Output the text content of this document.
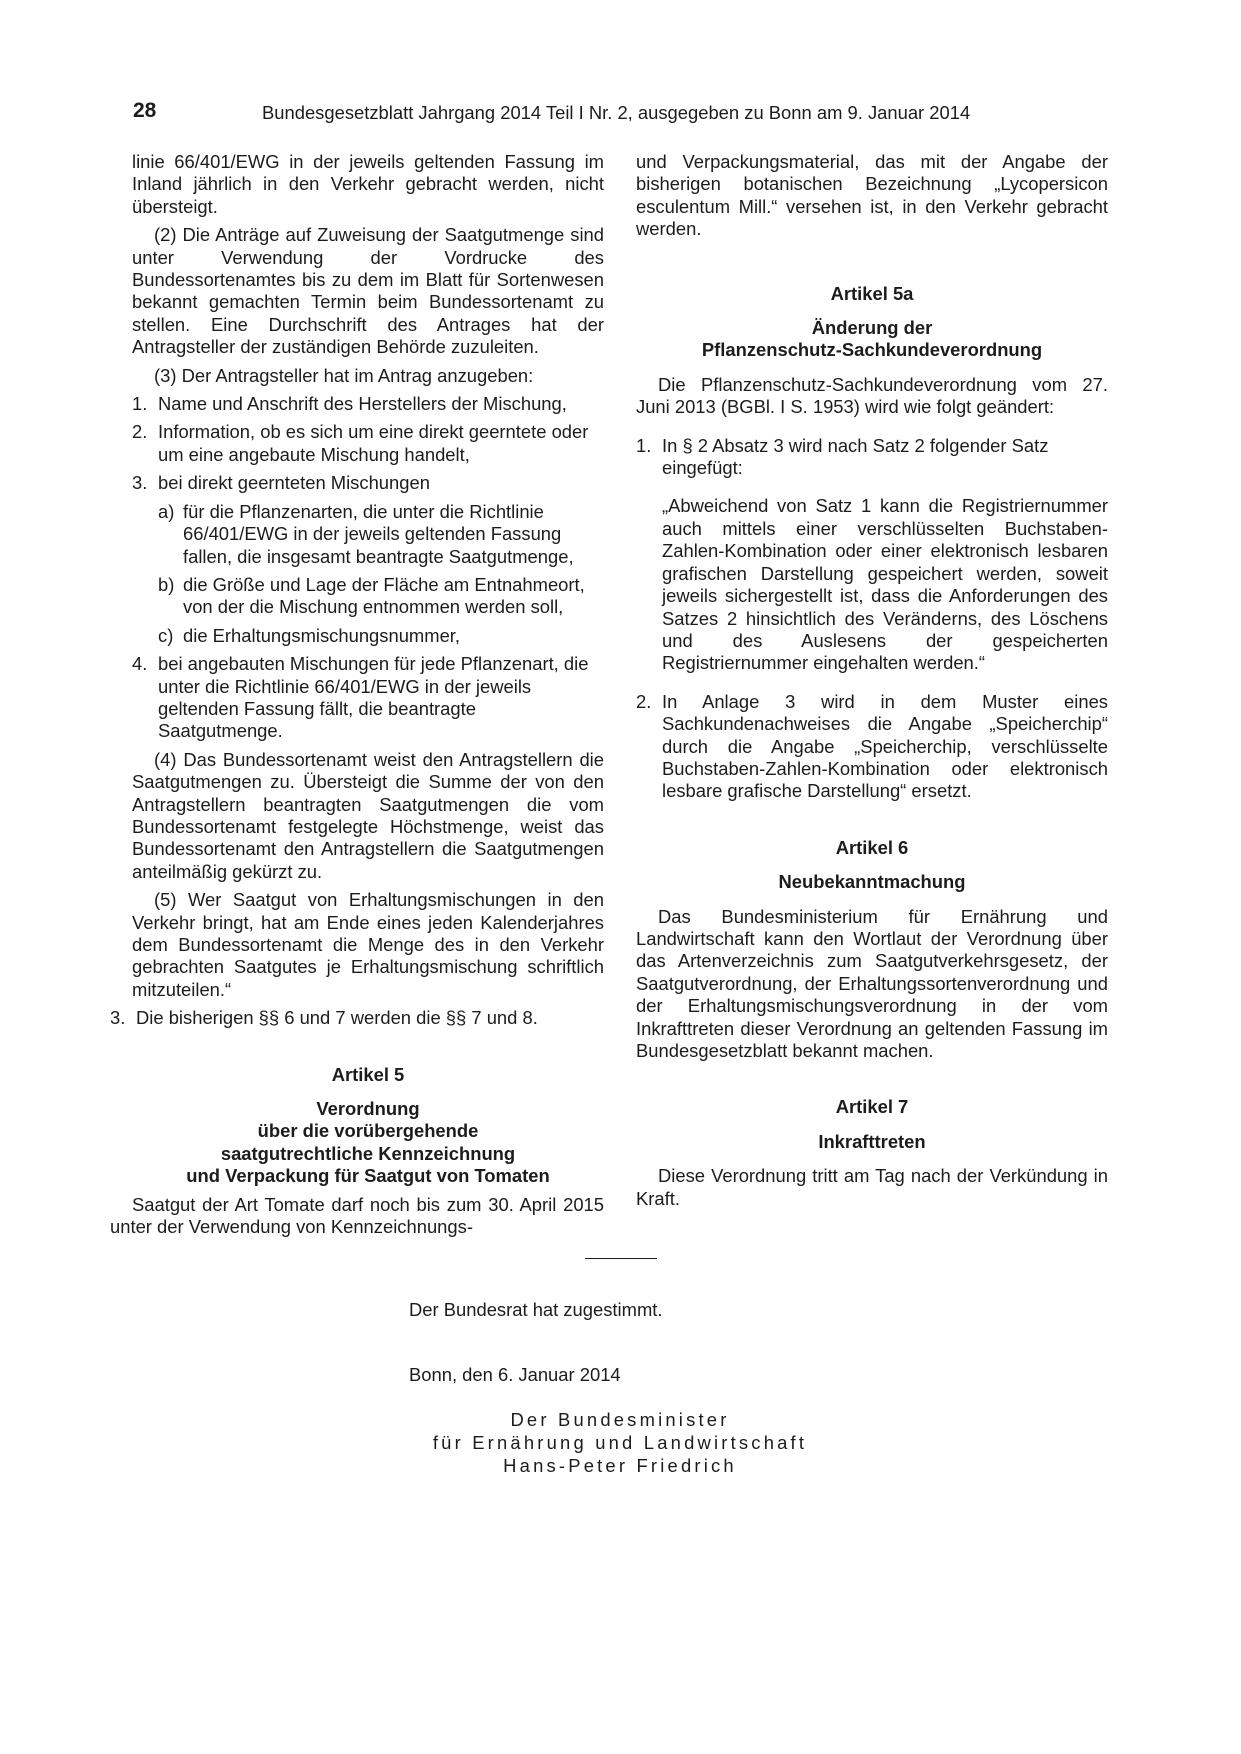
28	Bundesgesetzblatt Jahrgang 2014 Teil I Nr. 2, ausgegeben zu Bonn am 9. Januar 2014

linie 66/401/EWG in der jeweils geltenden Fassung im Inland jährlich in den Verkehr gebracht werden, nicht übersteigt.

(2) Die Anträge auf Zuweisung der Saatgutmenge sind unter Verwendung der Vordrucke des Bundessortenamtes bis zu dem im Blatt für Sortenwesen bekannt gemachten Termin beim Bundessortenamt zu stellen. Eine Durchschrift des Antrages hat der Antragsteller der zuständigen Behörde zuzuleiten.

(3) Der Antragsteller hat im Antrag anzugeben:

1. Name und Anschrift des Herstellers der Mischung,
2. Information, ob es sich um eine direkt geerntete oder um eine angebaute Mischung handelt,
3. bei direkt geernteten Mischungen
a) für die Pflanzenarten, die unter die Richtlinie 66/401/EWG in der jeweils geltenden Fassung fallen, die insgesamt beantragte Saatgutmenge,
b) die Größe und Lage der Fläche am Entnahmeort, von der die Mischung entnommen werden soll,
c) die Erhaltungsmischungsnummer,
4. bei angebauten Mischungen für jede Pflanzenart, die unter die Richtlinie 66/401/EWG in der jeweils geltenden Fassung fällt, die beantragte Saatgutmenge.

(4) Das Bundessortenamt weist den Antragstellern die Saatgutmengen zu. Übersteigt die Summe der von den Antragstellern beantragten Saatgutmengen die vom Bundessortenamt festgelegte Höchstmenge, weist das Bundessortenamt den Antragstellern die Saatgutmengen anteilmäßig gekürzt zu.

(5) Wer Saatgut von Erhaltungsmischungen in den Verkehr bringt, hat am Ende eines jeden Kalenderjahres dem Bundessortenamt die Menge des in den Verkehr gebrachten Saatgutes je Erhaltungsmischung schriftlich mitzuteilen.“

3. Die bisherigen §§ 6 und 7 werden die §§ 7 und 8.

Artikel 5

Verordnung

über die vorübergehende

saatgutrechtliche Kennzeichnung

und Verpackung für Saatgut von Tomaten

Saatgut der Art Tomate darf noch bis zum 30. April 2015 unter der Verwendung von Kennzeichnungs-

und Verpackungsmaterial, das mit der Angabe der bisherigen botanischen Bezeichnung „Lycopersicon esculentum Mill.“ versehen ist, in den Verkehr gebracht werden.

Artikel 5a

Änderung der

Pflanzenschutz-Sachkundeverordnung

Die Pflanzenschutz-Sachkundeverordnung vom 27. Juni 2013 (BGBl. I S. 1953) wird wie folgt geändert:

1. In § 2 Absatz 3 wird nach Satz 2 folgender Satz eingefügt:

„Abweichend von Satz 1 kann die Registriernummer auch mittels einer verschlüsselten Buchstaben-Zahlen-Kombination oder einer elektronisch lesbaren grafischen Darstellung gespeichert werden, soweit jeweils sichergestellt ist, dass die Anforderungen des Satzes 2 hinsichtlich des Veränderns, des Löschens und des Auslesens der gespeicherten Registriernummer eingehalten werden.“

2. In Anlage 3 wird in dem Muster eines Sachkundenachweises die Angabe „Speicherchip“ durch die Angabe „Speicherchip, verschlüsselte Buchstaben-Zahlen-Kombination oder elektronisch lesbare grafische Darstellung“ ersetzt.

Artikel 6

Neubekanntmachung

Das Bundesministerium für Ernährung und Landwirtschaft kann den Wortlaut der Verordnung über das Artenverzeichnis zum Saatgutverkehrsgesetz, der Saatgutverordnung, der Erhaltungssortenverordnung und der Erhaltungsmischungsverordnung in der vom Inkrafttreten dieser Verordnung an geltenden Fassung im Bundesgesetzblatt bekannt machen.

Artikel 7

Inkrafttreten

Diese Verordnung tritt am Tag nach der Verkündung in Kraft.

Der Bundesrat hat zugestimmt.
Bonn, den 6. Januar 2014
Der Bundesminister
für Ernährung und Landwirtschaft
Hans-Peter Friedrich
